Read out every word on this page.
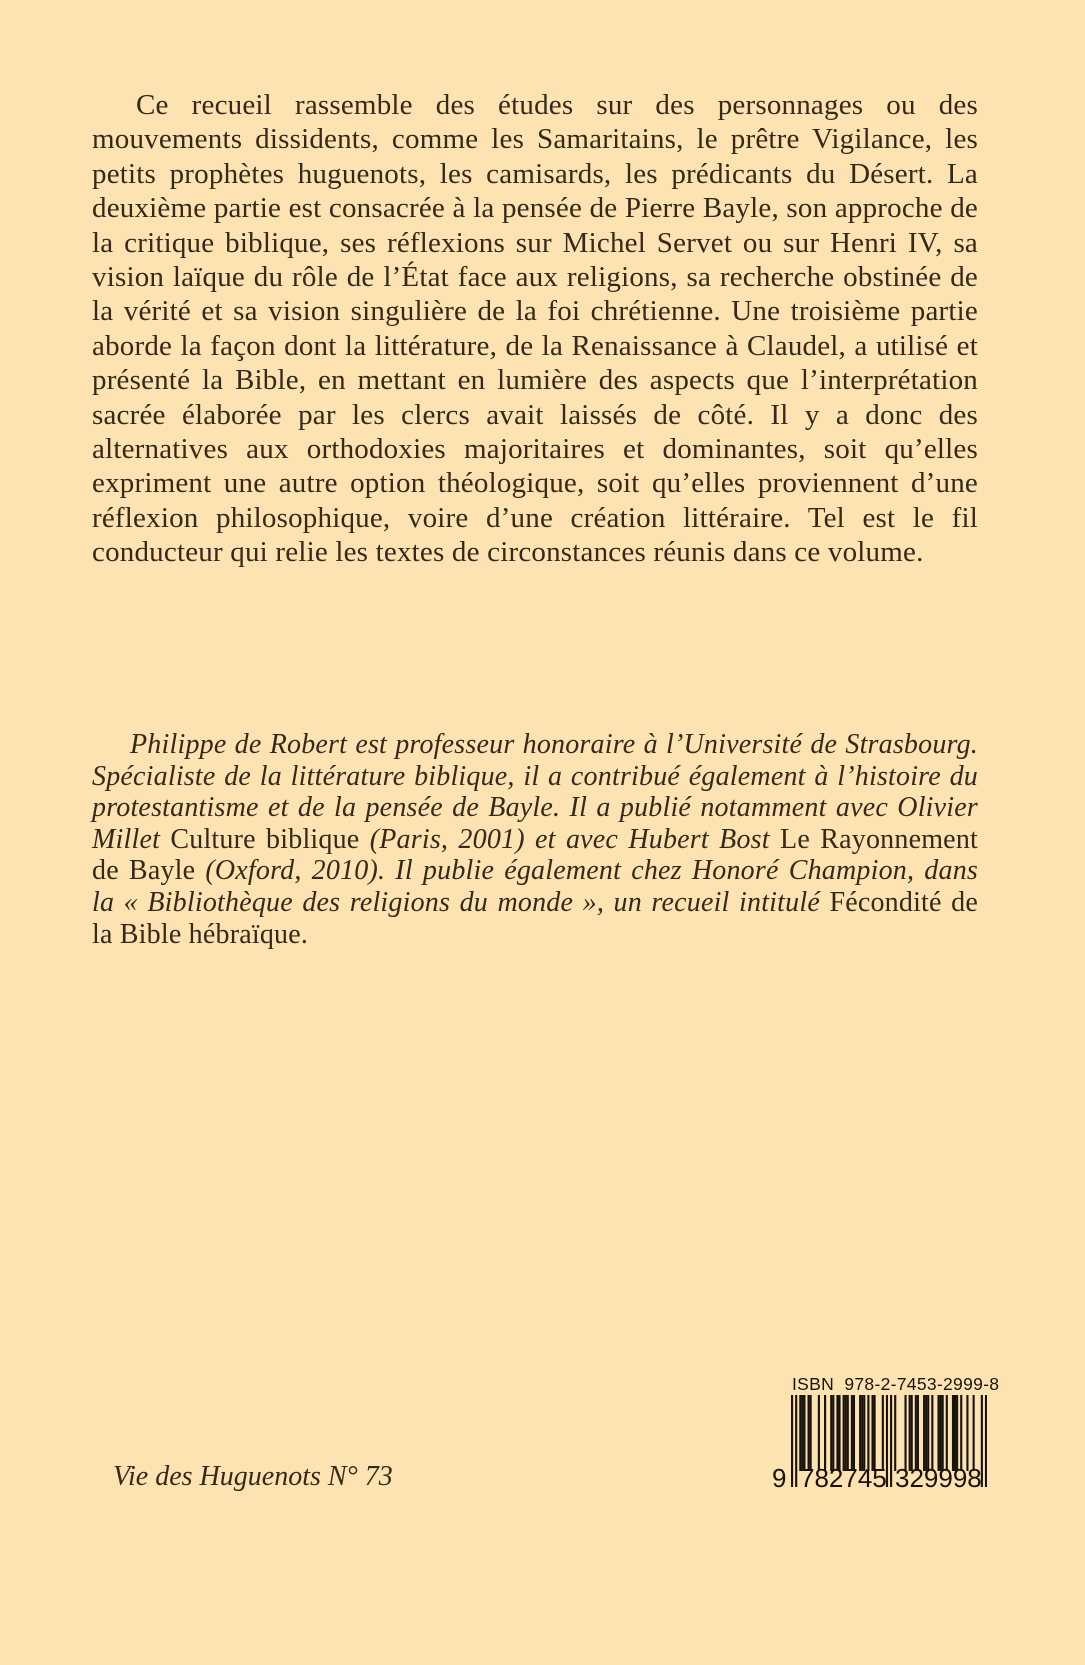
Ce recueil rassemble des études sur des personnages ou des mouvements dissidents, comme les Samaritains, le prêtre Vigilance, les petits prophètes huguenots, les camisards, les prédicants du Désert. La deuxième partie est consacrée à la pensée de Pierre Bayle, son approche de la critique biblique, ses réflexions sur Michel Servet ou sur Henri IV, sa vision laïque du rôle de l’État face aux religions, sa recherche obstinée de la vérité et sa vision singulière de la foi chrétienne. Une troisième partie aborde la façon dont la littérature, de la Renaissance à Claudel, a utilisé et présenté la Bible, en mettant en lumière des aspects que l’interprétation sacrée élaborée par les clercs avait laissés de côté. Il y a donc des alternatives aux orthodoxies majoritaires et dominantes, soit qu’elles expriment une autre option théologique, soit qu’elles proviennent d’une réflexion philosophique, voire d’une création littéraire. Tel est le fil conducteur qui relie les textes de circonstances réunis dans ce volume.

Philippe de Robert est professeur honoraire à l’Université de Strasbourg. Spécialiste de la littérature biblique, il a contribué également à l’histoire du protestantisme et de la pensée de Bayle. Il a publié notamment avec Olivier Millet Culture biblique (Paris, 2001) et avec Hubert Bost Le Rayonnement de Bayle (Oxford, 2010). Il publie également chez Honoré Champion, dans la « Bibliothèque des religions du monde », un recueil intitulé Fécondité de la Bible hébraïque.

Vie des Huguenots N° 73
ISBN  978-2-7453-2999-8
9 782745 329998
